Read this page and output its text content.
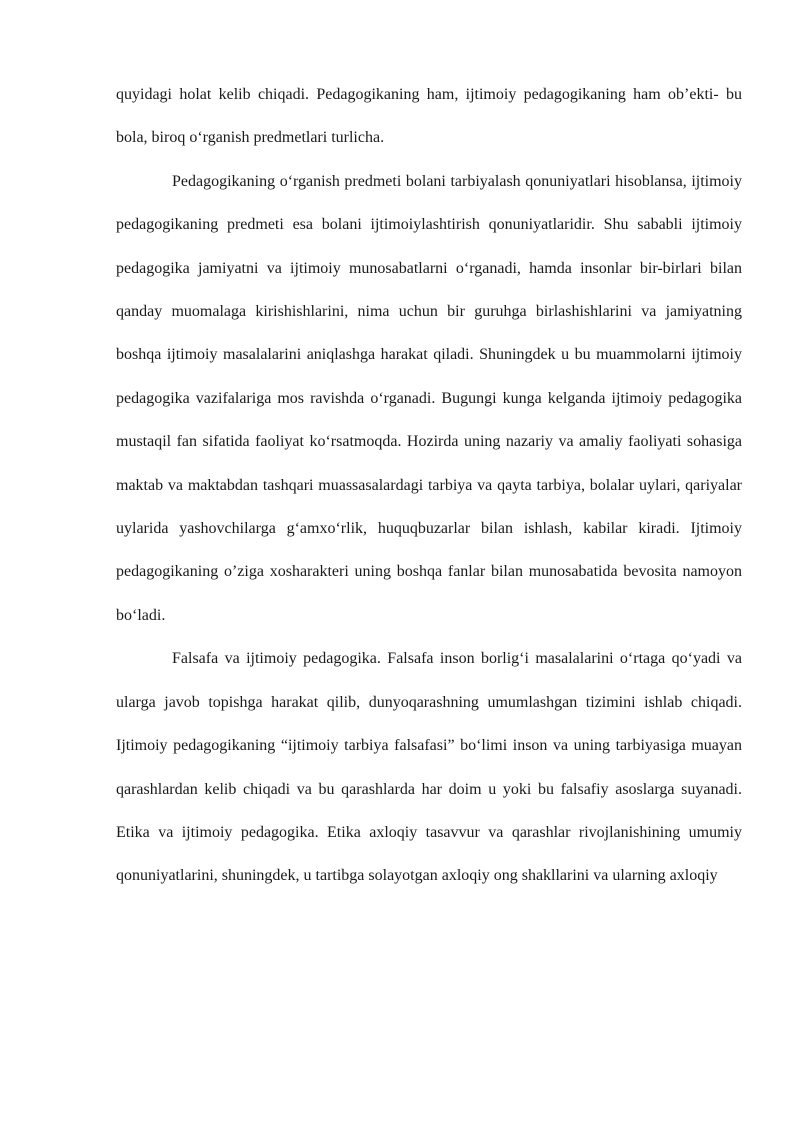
quyidagi holat kelib chiqadi. Pedagogikaning ham, ijtimoiy pedagogikaning ham ob’ekti- bu bola, biroq o‘rganish predmetlari turlicha.

Pedagogikaning o‘rganish predmeti bolani tarbiyalash qonuniyatlari hisoblansa, ijtimoiy pedagogikaning predmeti esa bolani ijtimoiylashtirish qonuniyatlaridir. Shu sababli ijtimoiy pedagogika jamiyatni va ijtimoiy munosabatlarni o‘rganadi, hamda insonlar bir-birlari bilan qanday muomalaga kirishishlarini, nima uchun bir guruhga birlashishlarini va jamiyatning boshqa ijtimoiy masalalarini aniqlashga harakat qiladi. Shuningdek u bu muammolarni ijtimoiy pedagogika vazifalariga mos ravishda o‘rganadi. Bugungi kunga kelganda ijtimoiy pedagogika mustaqil fan sifatida faoliyat ko‘rsatmoqda. Hozirda uning nazariy va amaliy faoliyati sohasiga maktab va maktabdan tashqari muassasalardagi tarbiya va qayta tarbiya, bolalar uylari, qariyalar uylarida yashovchilarga g‘amxo‘rlik, huquqbuzarlar bilan ishlash, kabilar kiradi. Ijtimoiy pedagogikaning o’ziga xosharakteri uning boshqa fanlar bilan munosabatida bevosita namoyon bo‘ladi.

Falsafa va ijtimoiy pedagogika. Falsafa inson borlig‘i masalalarini o‘rtaga qo‘yadi va ularga javob topishga harakat qilib, dunyoqarashning umumlashgan tizimini ishlab chiqadi. Ijtimoiy pedagogikaning “ijtimoiy tarbiya falsafasi” bo‘limi inson va uning tarbiyasiga muayan qarashlardan kelib chiqadi va bu qarashlarda har doim u yoki bu falsafiy asoslarga suyanadi. Etika va ijtimoiy pedagogika. Etika axloqiy tasavvur va qarashlar rivojlanishining umumiy qonuniyatlarini, shuningdek, u tartibga solayotgan axloqiy ong shakllarini va ularning axloqiy
